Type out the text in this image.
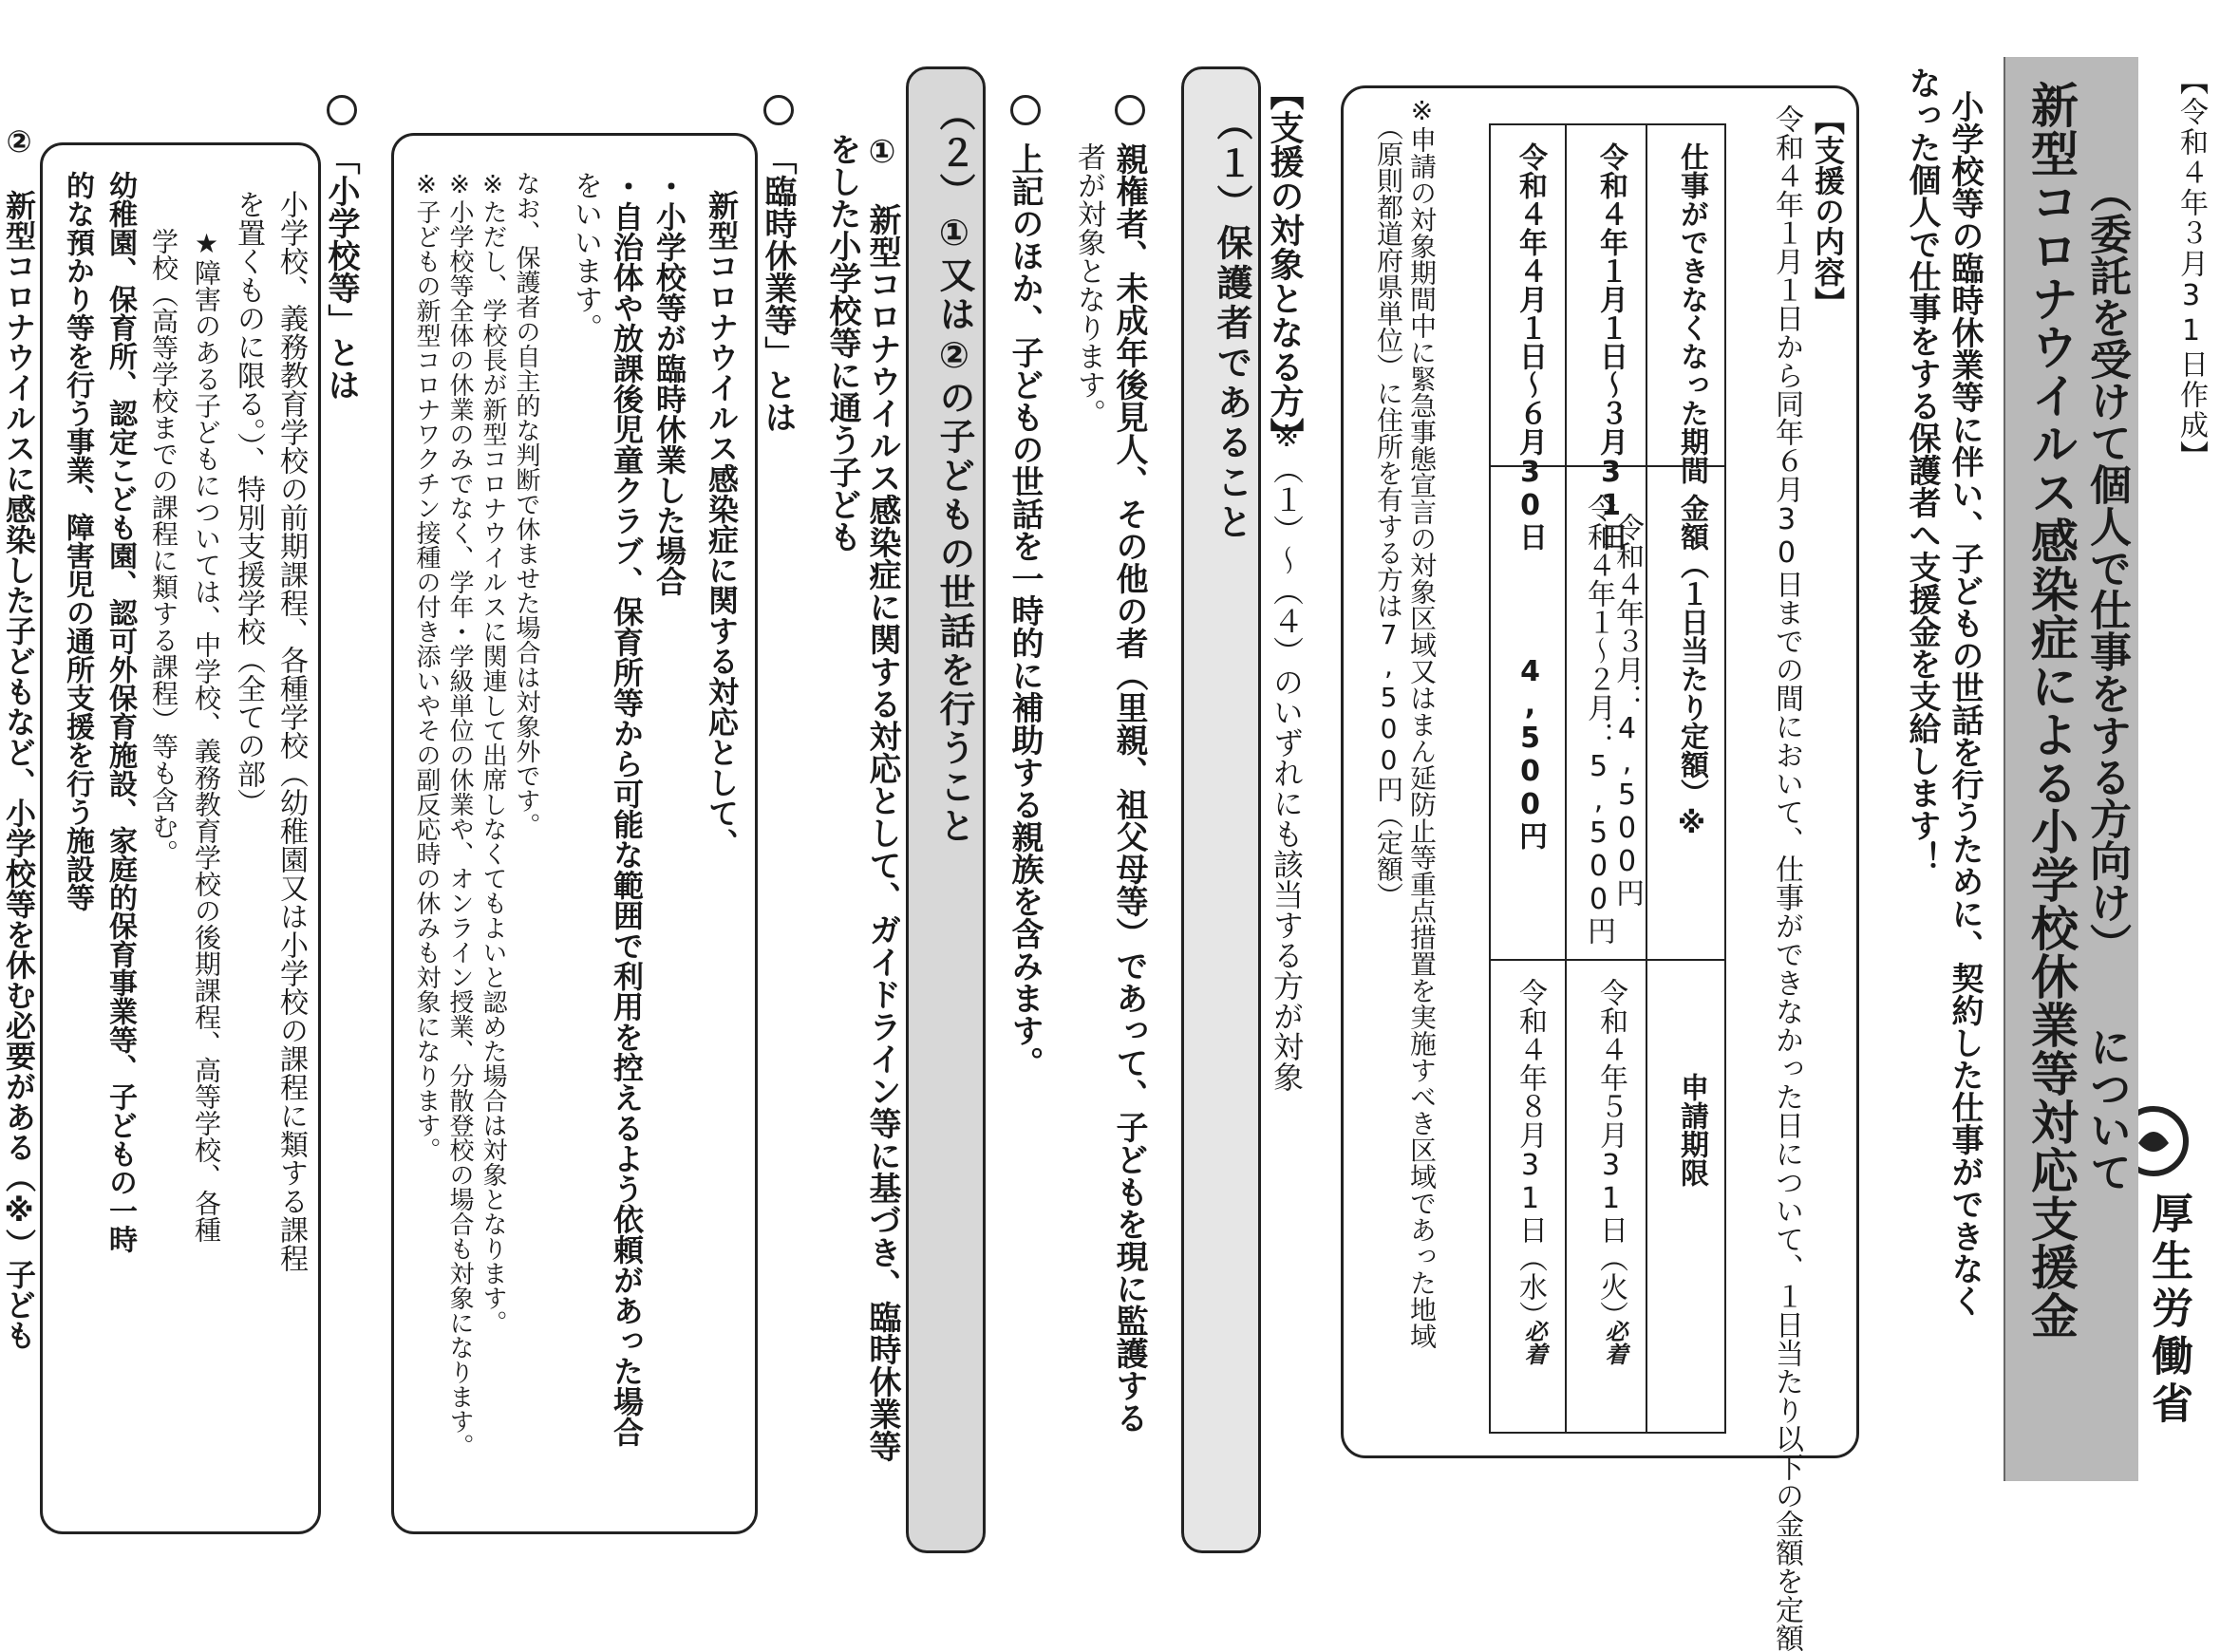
【令和４年３月31日作成】
厚生労働省
新型コロナウイルス感染症による小学校休業等対応支援金 （委託を受けて個人で仕事をする方向け）
について
小学校等の臨時休業等に伴い、子どもの世話を行うために、契約した仕事ができなく
なった個人で仕事をする保護者へ支援金を支給します！
【支援の内容】
令和４年１月１日から同年６月30日までの間において、仕事ができなかった日について、１日当たり以下の金額を定額
仕事ができなくなった期間
金額（１日当たり定額）※
申請期限
令和４年１月１日～３月31日
令和４年１～２月：5,500円
令和４年３月：4,500円
令和４年５月31日（火）
必着
令和４年４月１日～６月30日
4,500円
令和４年８月31日（水）
必着
※申請の対象期間中に緊急事態宣言の対象区域又はまん延防止等重点措置を実施すべき区域であった地域
（原則都道府県単位）に住所を有する方は7,500円（定額）
【支援の対象となる方】
※（１）～（４）のいずれにも該当する方が対象
（１）保護者であること
親権者、未成年後見人、その他の者（里親、祖父母等）であって、子どもを現に監護する
者が対象となります。
上記のほか、子どもの世話を一時的に補助する親族を含みます。
（２）①又は②の子どもの世話を行うこと
①　新型コロナウイルス感染症に関する対応として、ガイドライン等に基づき、臨時休業等
をした小学校等に通う子ども
「臨時休業等」とは
新型コロナウイルス感染症に関する対応として、
・小学校等が臨時休業した場合
・自治体や放課後児童クラブ、保育所等から可能な範囲で利用を控えるよう依頼があった場合
をいいます。
なお、保護者の自主的な判断で休ませた場合は対象外です。
※ただし、学校長が新型コロナウイルスに関連して出席しなくてもよいと認めた場合は対象となります。
※小学校等全体の休業のみでなく、学年・学級単位の休業や、オンライン授業、分散登校の場合も対象になります。
※子どもの新型コロナワクチン接種の付き添いやその副反応時の休みも対象になります。
「小学校等」とは
小学校、義務教育学校の前期課程、各種学校（幼稚園又は小学校の課程に類する課程
を置くものに限る。）、特別支援学校（全ての部）
★障害のある子どもについては、中学校、義務教育学校の後期課程、高等学校、各種
学校（高等学校までの課程に類する課程）等も含む。
幼稚園、保育所、認定こども園、認可外保育施設、家庭的保育事業等、子どもの一時
的な預かり等を行う事業、障害児の通所支援を行う施設等
②　新型コロナウイルスに感染した子どもなど、小学校等を休む必要がある（※）子ども
